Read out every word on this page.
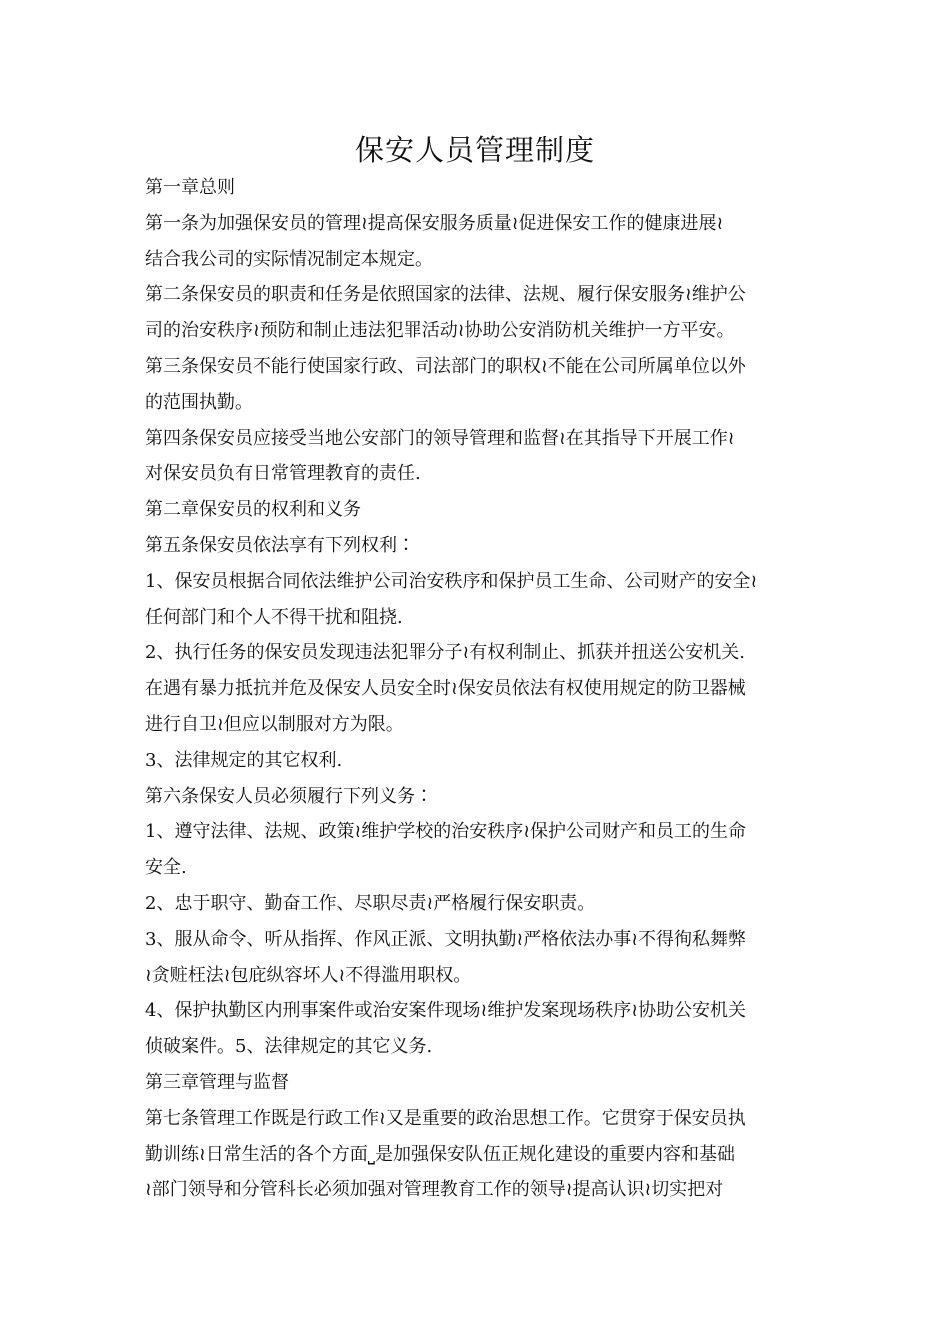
保安人员管理制度
第一章总则
第一条为加强保安员的管理≀提高保安服务质量≀促进保安工作的健康进展≀
结合我公司的实际情况制定本规定。
第二条保安员的职责和任务是依照国家的法律、法规、履行保安服务≀维护公
司的治安秩序≀预防和制止违法犯罪活动≀协助公安消防机关维护一方平安。
第三条保安员不能行使国家行政、司法部门的职权≀不能在公司所属单位以外
的范围执勤。
第四条保安员应接受当地公安部门的领导管理和监督≀在其指导下开展工作≀
对保安员负有日常管理教育的责任.
第二章保安员的权利和义务
第五条保安员依法享有下列权利∶
1、保安员根据合同依法维护公司治安秩序和保护员工生命、公司财产的安全≀
任何部门和个人不得干扰和阻挠.
2、执行任务的保安员发现违法犯罪分子≀有权利制止、抓获并扭送公安机关.
在遇有暴力抵抗并危及保安人员安全时≀保安员依法有权使用规定的防卫器械
进行自卫≀但应以制服对方为限。
3、法律规定的其它权利.
第六条保安人员必须履行下列义务∶
1、遵守法律、法规、政策≀维护学校的治安秩序≀保护公司财产和员工的生命
安全.
2、忠于职守、勤奋工作、尽职尽责≀严格履行保安职责。
3、服从命令、听从指挥、作风正派、文明执勤≀严格依法办事≀不得徇私舞弊
≀贪赃枉法≀包庇纵容坏人≀不得滥用职权。
4、保护执勤区内刑事案件或治安案件现场≀维护发案现场秩序≀协助公安机关
侦破案件。5、法律规定的其它义务.
第三章管理与监督
第七条管理工作既是行政工作≀又是重要的政治思想工作。它贯穿于保安员执
勤训练≀日常生活的各个方面⎵是加强保安队伍正规化建设的重要内容和基础
≀部门领导和分管科长必须加强对管理教育工作的领导≀提高认识≀切实把对
